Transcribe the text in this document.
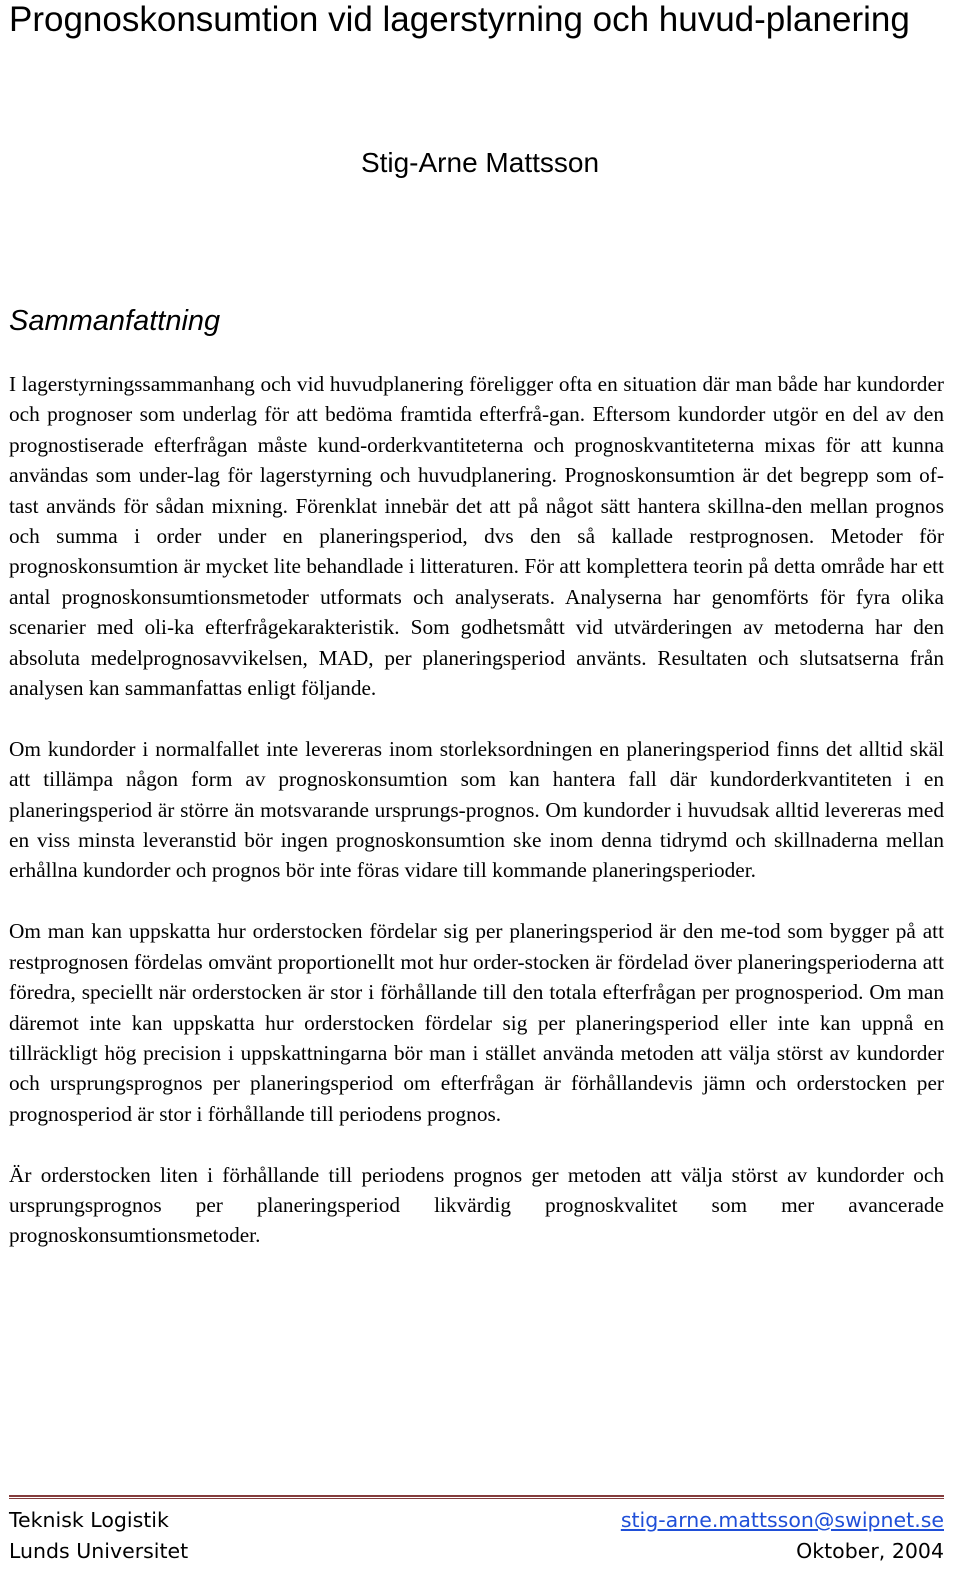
Prognoskonsumtion vid lagerstyrning och huvud-planering
Stig-Arne Mattsson
Sammanfattning

I lagerstyrningssammanhang och vid huvudplanering föreligger ofta en situation där man både har kundorder och prognoser som underlag för att bedöma framtida efterfrå-gan. Eftersom kundorder utgör en del av den prognostiserade efterfrågan måste kund-orderkvantiteterna och prognoskvantiteterna mixas för att kunna användas som under-lag för lagerstyrning och huvudplanering. Prognoskonsumtion är det begrepp som of-tast används för sådan mixning. Förenklat innebär det att på något sätt hantera skillna-den mellan prognos och summa i order under en planeringsperiod, dvs den så kallade restprognosen. Metoder för prognoskonsumtion är mycket lite behandlade i litteraturen. För att komplettera teorin på detta område har ett antal prognoskonsumtionsmetoder utformats och analyserats. Analyserna har genomförts för fyra olika scenarier med oli-ka efterfrågekarakteristik. Som godhetsmått vid utvärderingen av metoderna har den absoluta medelprognosavvikelsen, MAD, per planeringsperiod använts. Resultaten och slutsatserna från analysen kan sammanfattas enligt följande.

Om kundorder i normalfallet inte levereras inom storleksordningen en planeringsperiod finns det alltid skäl att tillämpa någon form av prognoskonsumtion som kan hantera fall där kundorderkvantiteten i en planeringsperiod är större än motsvarande ursprungs-prognos. Om kundorder i huvudsak alltid levereras med en viss minsta leveranstid bör ingen prognoskonsumtion ske inom denna tidrymd och skillnaderna mellan erhållna kundorder och prognos bör inte föras vidare till kommande planeringsperioder.

Om man kan uppskatta hur orderstocken fördelar sig per planeringsperiod är den me-tod som bygger på att restprognosen fördelas omvänt proportionellt mot hur order-stocken är fördelad över planeringsperioderna att föredra, speciellt när orderstocken är stor i förhållande till den totala efterfrågan per prognosperiod. Om man däremot inte kan uppskatta hur orderstocken fördelar sig per planeringsperiod eller inte kan uppnå en tillräckligt hög precision i uppskattningarna bör man i stället använda metoden att välja störst av kundorder och ursprungsprognos per planeringsperiod om efterfrågan är förhållandevis jämn och orderstocken per prognosperiod är stor i förhållande till periodens prognos.

Är orderstocken liten i förhållande till periodens prognos ger metoden att välja störst av kundorder och ursprungsprognos per planeringsperiod likvärdig prognoskvalitet som mer avancerade prognoskonsumtionsmetoder.

Teknisk Logistik	stig-arne.mattsson@swipnet.se
Lunds Universitet	Oktober, 2004
